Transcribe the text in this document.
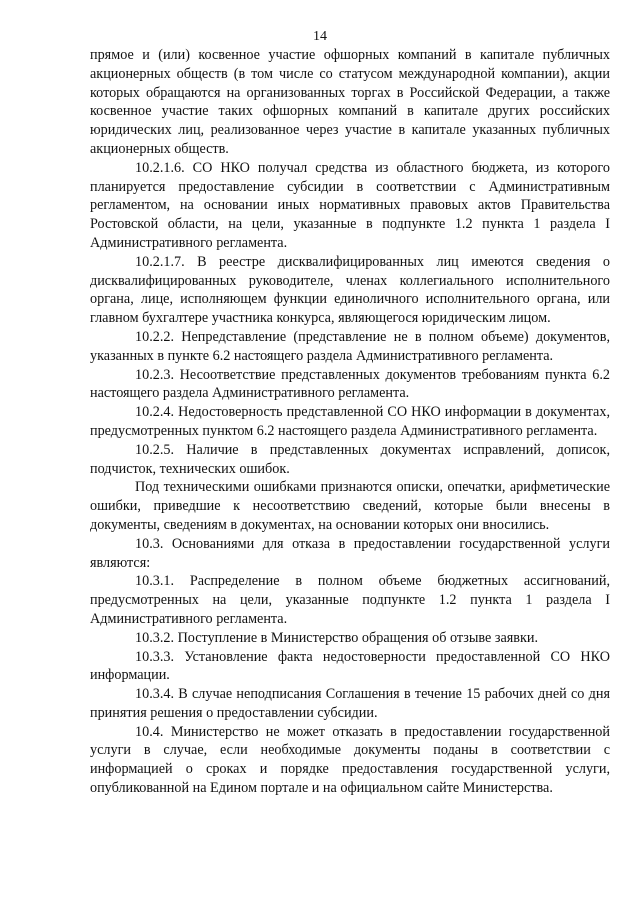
14

прямое и (или) косвенное участие офшорных компаний в капитале публичных акционерных обществ (в том числе со статусом международной компании), акции которых обращаются на организованных торгах в Российской Федерации, а также косвенное участие таких офшорных компаний в капитале других российских юридических лиц, реализованное через участие в капитале указанных публичных акционерных обществ.

10.2.1.6. СО НКО получал средства из областного бюджета, из которого планируется предоставление субсидии в соответствии с Административным регламентом, на основании иных нормативных правовых актов Правительства Ростовской области, на цели, указанные в подпункте 1.2 пункта 1 раздела I Административного регламента.

10.2.1.7. В реестре дисквалифицированных лиц имеются сведения о дисквалифицированных руководителе, членах коллегиального исполнительного органа, лице, исполняющем функции единоличного исполнительного органа, или главном бухгалтере участника конкурса, являющегося юридическим лицом.

10.2.2. Непредставление (представление не в полном объеме) документов, указанных в пункте 6.2 настоящего раздела Административного регламента.

10.2.3. Несоответствие представленных документов требованиям пункта 6.2 настоящего раздела Административного регламента.

10.2.4. Недостоверность представленной СО НКО информации в документах, предусмотренных пунктом 6.2 настоящего раздела Административного регламента.

10.2.5. Наличие в представленных документах исправлений, дописок, подчисток, технических ошибок.

Под техническими ошибками признаются описки, опечатки, арифметические ошибки, приведшие к несоответствию сведений, которые были внесены в документы, сведениям в документах, на основании которых они вносились.

10.3. Основаниями для отказа в предоставлении государственной услуги являются:

10.3.1. Распределение в полном объеме бюджетных ассигнований, предусмотренных на цели, указанные подпункте 1.2 пункта 1 раздела I Административного регламента.

10.3.2. Поступление в Министерство обращения об отзыве заявки.

10.3.3. Установление факта недостоверности предоставленной СО НКО информации.

10.3.4. В случае неподписания Соглашения в течение 15 рабочих дней со дня принятия решения о предоставлении субсидии.

10.4. Министерство не может отказать в предоставлении государственной услуги в случае, если необходимые документы поданы в соответствии с информацией о сроках и порядке предоставления государственной услуги, опубликованной на Едином портале и на официальном сайте Министерства.
